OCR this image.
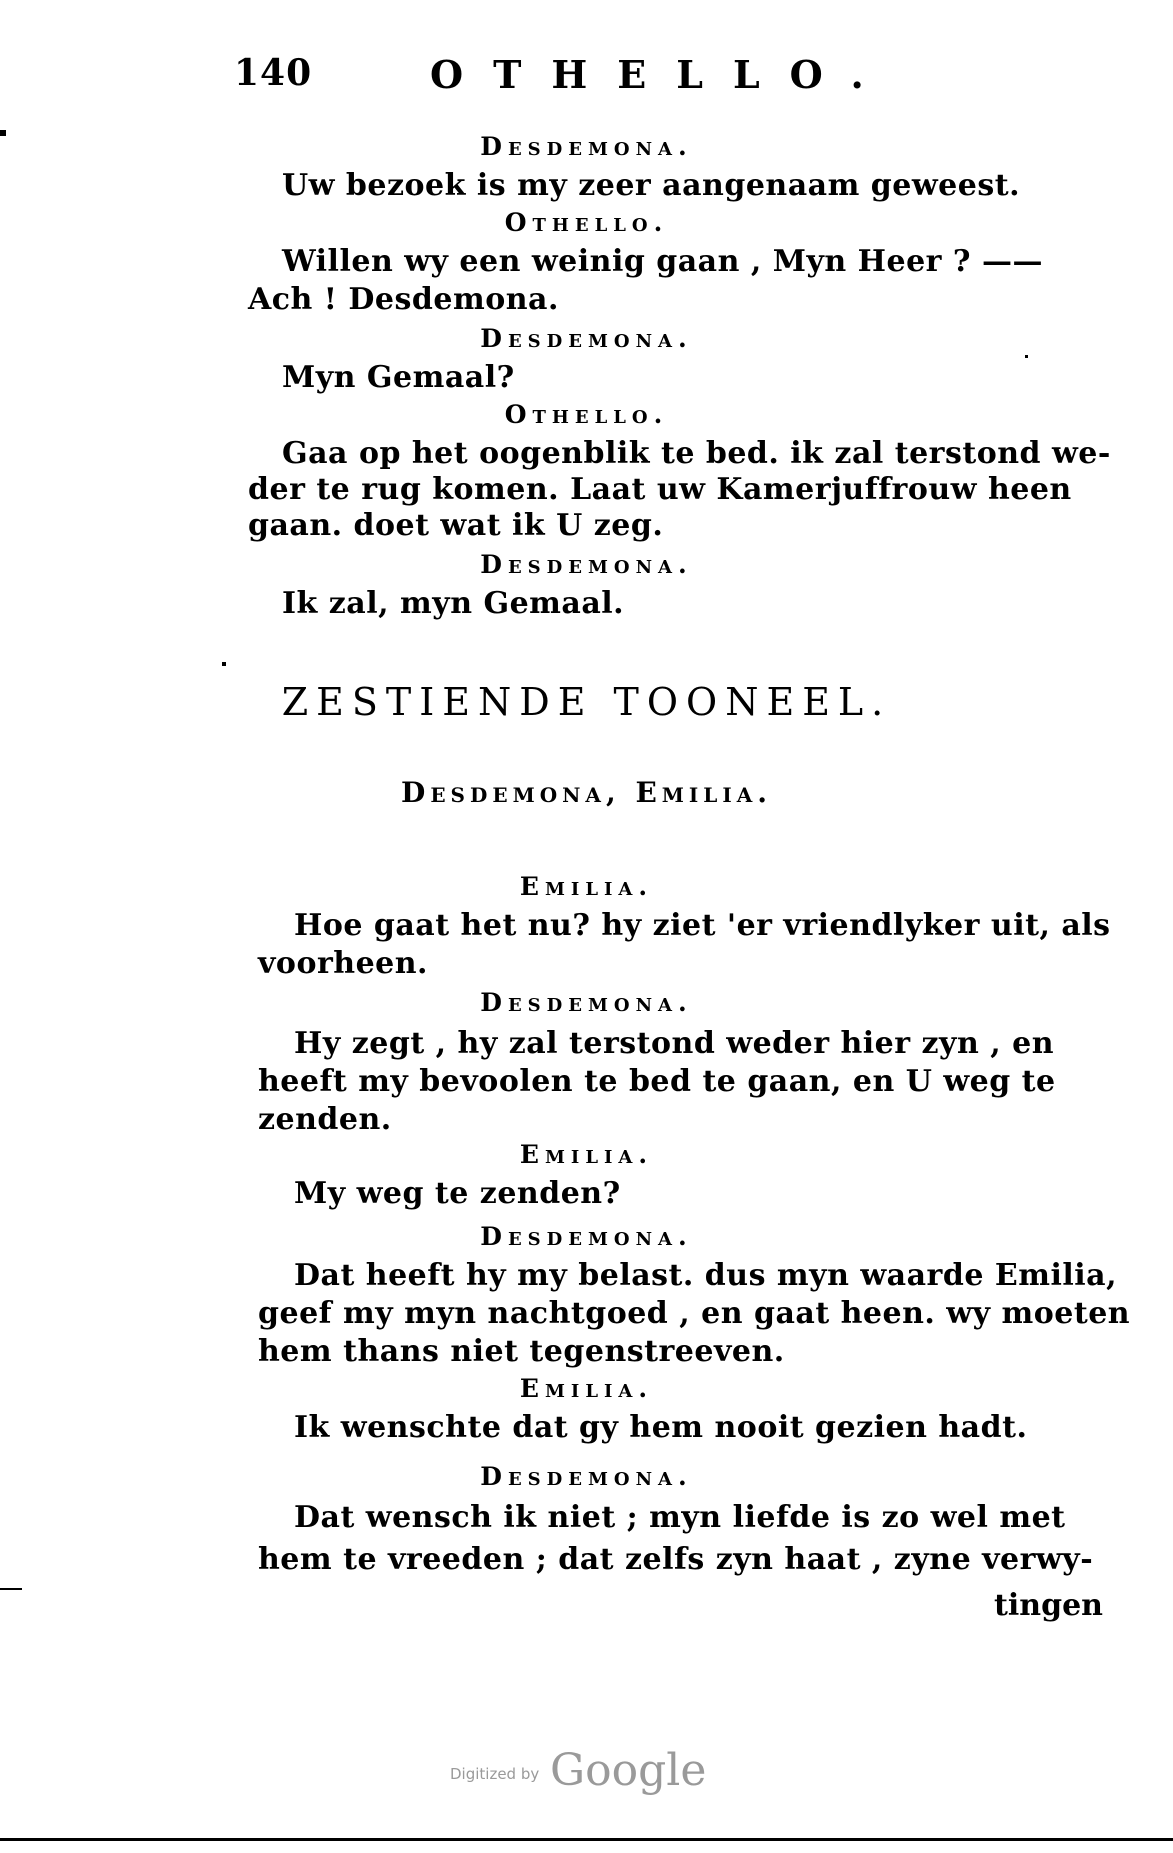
140	OTHELLO.
Desdemona.
Uw bezoek is my zeer aangenaam geweest.
Othello.
Willen wy een weinig gaan , Myn Heer ? ——
Ach ! Desdemona.
Desdemona.
Myn Gemaal?
Othello.
Gaa op het oogenblik te bed. ik zal terstond we-
der te rug komen. Laat uw Kamerjuffrouw heen
gaan. doet wat ik U zeg.
Desdemona.
Ik zal, myn Gemaal.
ZESTIENDE TOONEEL.
Desdemona, Emilia.
Emilia.
Hoe gaat het nu? hy ziet 'er vriendlyker uit, als
voorheen.
Desdemona.
Hy zegt , hy zal terstond weder hier zyn , en
heeft my bevoolen te bed te gaan, en U weg te
zenden.
Emilia.
My weg te zenden?
Desdemona.
Dat heeft hy my belast. dus myn waarde Emilia,
geef my myn nachtgoed , en gaat heen. wy moeten
hem thans niet tegenstreeven.
Emilia.
Ik wenschte dat gy hem nooit gezien hadt.
Desdemona.
Dat wensch ik niet ; myn liefde is zo wel met
hem te vreeden ; dat zelfs zyn haat , zyne verwy-
tingen
Digitized by Google
